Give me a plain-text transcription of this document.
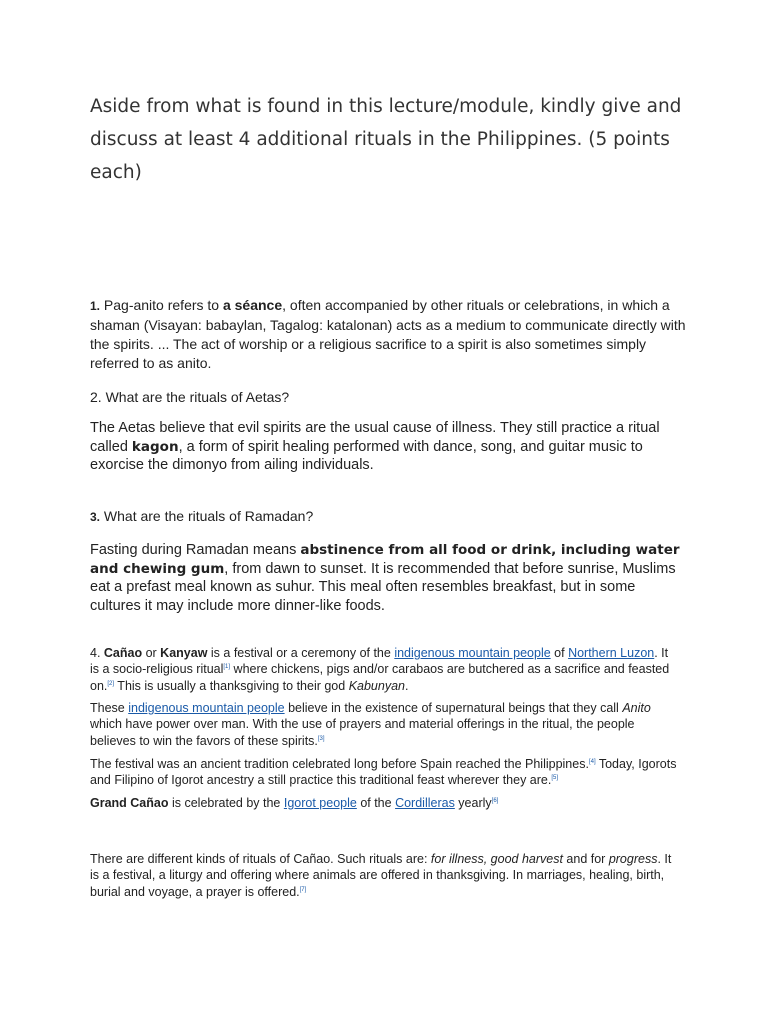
Aside from what is found in this lecture/module, kindly give and discuss at least 4 additional rituals in the Philippines. (5 points each)

1. Pag-anito refers to a séance, often accompanied by other rituals or celebrations, in which a shaman (Visayan: babaylan, Tagalog: katalonan) acts as a medium to communicate directly with the spirits. ... The act of worship or a religious sacrifice to a spirit is also sometimes simply referred to as anito.

2. What are the rituals of Aetas?

The Aetas believe that evil spirits are the usual cause of illness. They still practice a ritual called kagon, a form of spirit healing performed with dance, song, and guitar music to exorcise the dimonyo from ailing individuals.

3. What are the rituals of Ramadan?

Fasting during Ramadan means abstinence from all food or drink, including water and chewing gum, from dawn to sunset. It is recommended that before sunrise, Muslims eat a prefast meal known as suhur. This meal often resembles breakfast, but in some cultures it may include more dinner-like foods.

4. Cañao or Kanyaw is a festival or a ceremony of the indigenous mountain people of Northern Luzon. It is a socio-religious ritual[1] where chickens, pigs and/or carabaos are butchered as a sacrifice and feasted on.[2] This is usually a thanksgiving to their god Kabunyan.

These indigenous mountain people believe in the existence of supernatural beings that they call Anito which have power over man. With the use of prayers and material offerings in the ritual, the people believes to win the favors of these spirits.[3]

The festival was an ancient tradition celebrated long before Spain reached the Philippines.[4] Today, Igorots and Filipino of Igorot ancestry a still practice this traditional feast wherever they are.[5]

Grand Cañao is celebrated by the Igorot people of the Cordilleras yearly[6]

There are different kinds of rituals of Cañao. Such rituals are: for illness, good harvest and for progress. It is a festival, a liturgy and offering where animals are offered in thanksgiving. In marriages, healing, birth, burial and voyage, a prayer is offered.[7]
